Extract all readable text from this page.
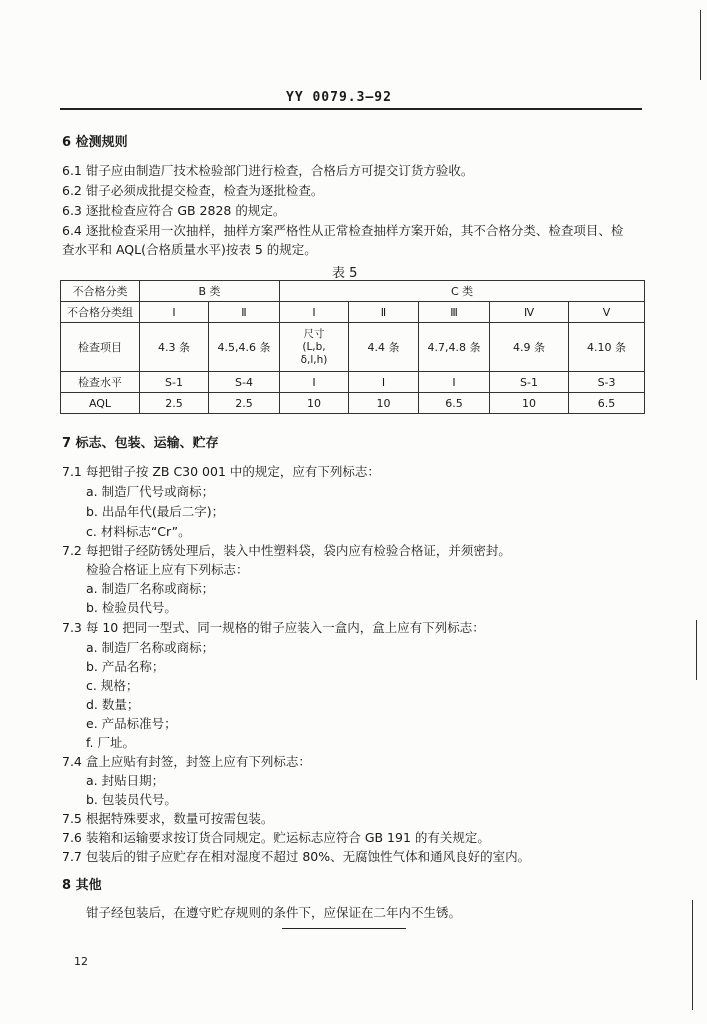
YY 0079.3—92
6 检测规则
6.1 钳子应由制造厂技术检验部门进行检查，合格后方可提交订货方验收。
6.2 钳子必须成批提交检查，检查为逐批检查。
6.3 逐批检查应符合 GB 2828 的规定。
6.4 逐批检查采用一次抽样，抽样方案严格性从正常检查抽样方案开始，其不合格分类、检查项目、检
查水平和 AQL(合格质量水平)按表 5 的规定。
表 5
不合格分类	B 类		C 类				
不合格分类组	Ⅰ	Ⅱ	Ⅰ	Ⅱ	Ⅲ	Ⅳ	Ⅴ
检查项目	4.3 条	4.5,4.6 条	尺寸
(L,b,
δ,l,h)	4.4 条	4.7,4.8 条	4.9 条	4.10 条
检查水平	S-1	S-4	Ⅰ	Ⅰ	Ⅰ	S-1	S-3
AQL	2.5	2.5	10	10	6.5	10	6.5
7 标志、包装、运输、贮存
7.1 每把钳子按 ZB C30 001 中的规定，应有下列标志：
a. 制造厂代号或商标；
b. 出品年代(最后二字)；
c. 材料标志“Cr”。
7.2 每把钳子经防锈处理后，装入中性塑料袋，袋内应有检验合格证，并须密封。
检验合格证上应有下列标志：
a. 制造厂名称或商标；
b. 检验员代号。
7.3 每 10 把同一型式、同一规格的钳子应装入一盒内，盒上应有下列标志：
a. 制造厂名称或商标；
b. 产品名称；
c. 规格；
d. 数量；
e. 产品标准号；
f. 厂址。
7.4 盒上应贴有封签，封签上应有下列标志：
a. 封贴日期；
b. 包装员代号。
7.5 根据特殊要求，数量可按需包装。
7.6 装箱和运输要求按订货合同规定。贮运标志应符合 GB 191 的有关规定。
7.7 包装后的钳子应贮存在相对湿度不超过 80%、无腐蚀性气体和通风良好的室内。
8 其他
钳子经包装后，在遵守贮存规则的条件下，应保证在二年内不生锈。
12
